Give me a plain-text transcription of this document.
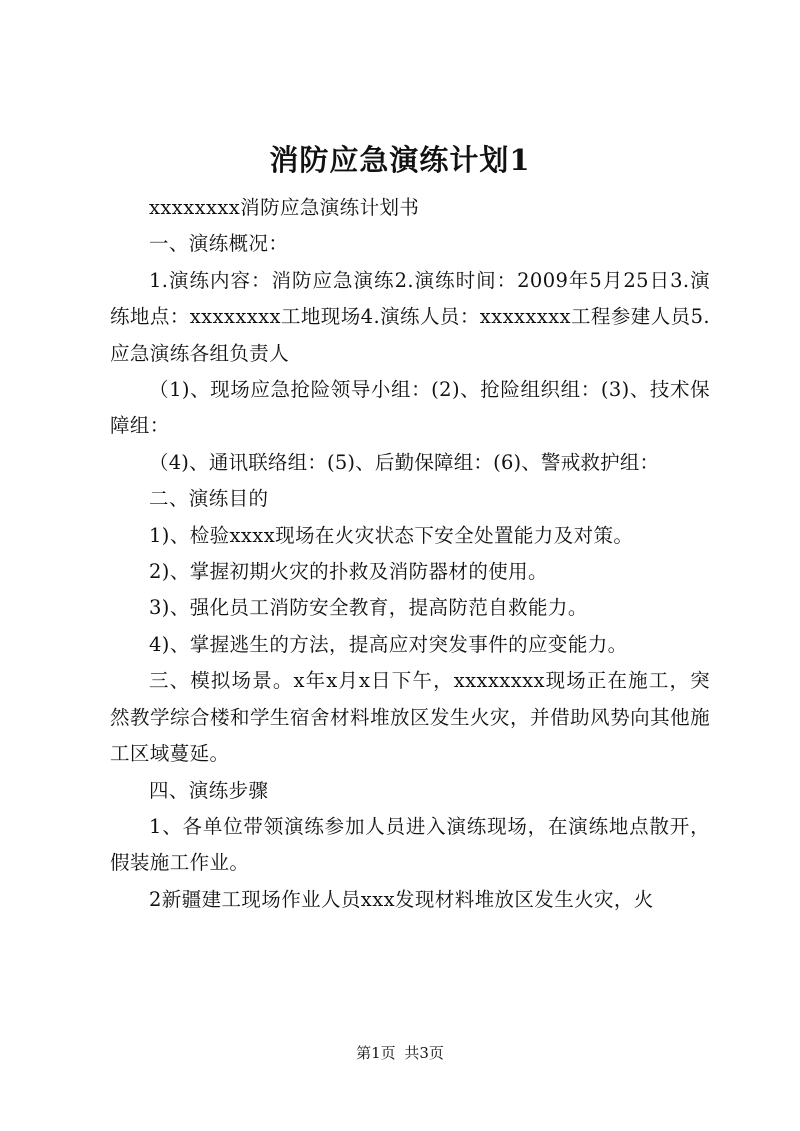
消防应急演练计划1

xxxxxxxx消防应急演练计划书

一、演练概况：

1.演练内容：消防应急演练2.演练时间：2009年5月25日3.演练地点：xxxxxxxx工地现场4.演练人员：xxxxxxxx工程参建人员5.应急演练各组负责人

（1)、现场应急抢险领导小组：(2)、抢险组织组：(3)、技术保障组：

（4)、通讯联络组：(5)、后勤保障组：(6)、警戒救护组：

二、演练目的

1)、检验xxxx现场在火灾状态下安全处置能力及对策。

2)、掌握初期火灾的扑救及消防器材的使用。

3)、强化员工消防安全教育，提高防范自救能力。

4)、掌握逃生的方法，提高应对突发事件的应变能力。

三、模拟场景。x年x月x日下午，xxxxxxxx现场正在施工，突然教学综合楼和学生宿舍材料堆放区发生火灾，并借助风势向其他施工区域蔓延。

四、演练步骤

1、各单位带领演练参加人员进入演练现场，在演练地点散开，假装施工作业。

2新疆建工现场作业人员xxx发现材料堆放区发生火灾，火

第1页 共3页
